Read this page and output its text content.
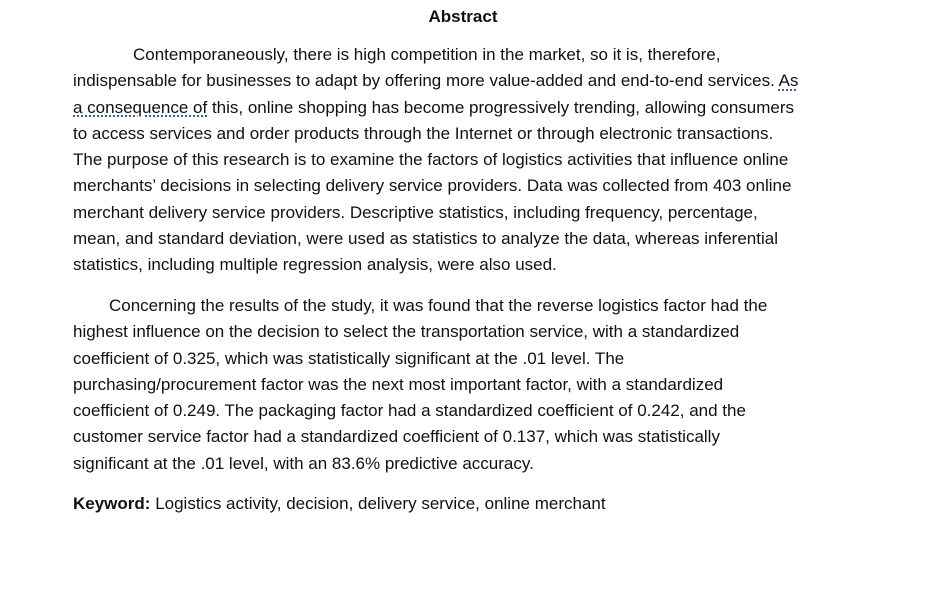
Abstract

Contemporaneously, there is high competition in the market, so it is, therefore,
indispensable for businesses to adapt by offering more value-added and end-to-end services. As
a consequence of this, online shopping has become progressively trending, allowing consumers
to access services and order products through the Internet or through electronic transactions.
The purpose of this research is to examine the factors of logistics activities that influence online
merchants’ decisions in selecting delivery service providers. Data was collected from 403 online
merchant delivery service providers. Descriptive statistics, including frequency, percentage,
mean, and standard deviation, were used as statistics to analyze the data, whereas inferential
statistics, including multiple regression analysis, were also used.

Concerning the results of the study, it was found that the reverse logistics factor had the
highest influence on the decision to select the transportation service, with a standardized
coefficient of 0.325, which was statistically significant at the .01 level. The
purchasing/procurement factor was the next most important factor, with a standardized
coefficient of 0.249. The packaging factor had a standardized coefficient of 0.242, and the
customer service factor had a standardized coefficient of 0.137, which was statistically
significant at the .01 level, with an 83.6% predictive accuracy.

Keyword: Logistics activity, decision, delivery service, online merchant
